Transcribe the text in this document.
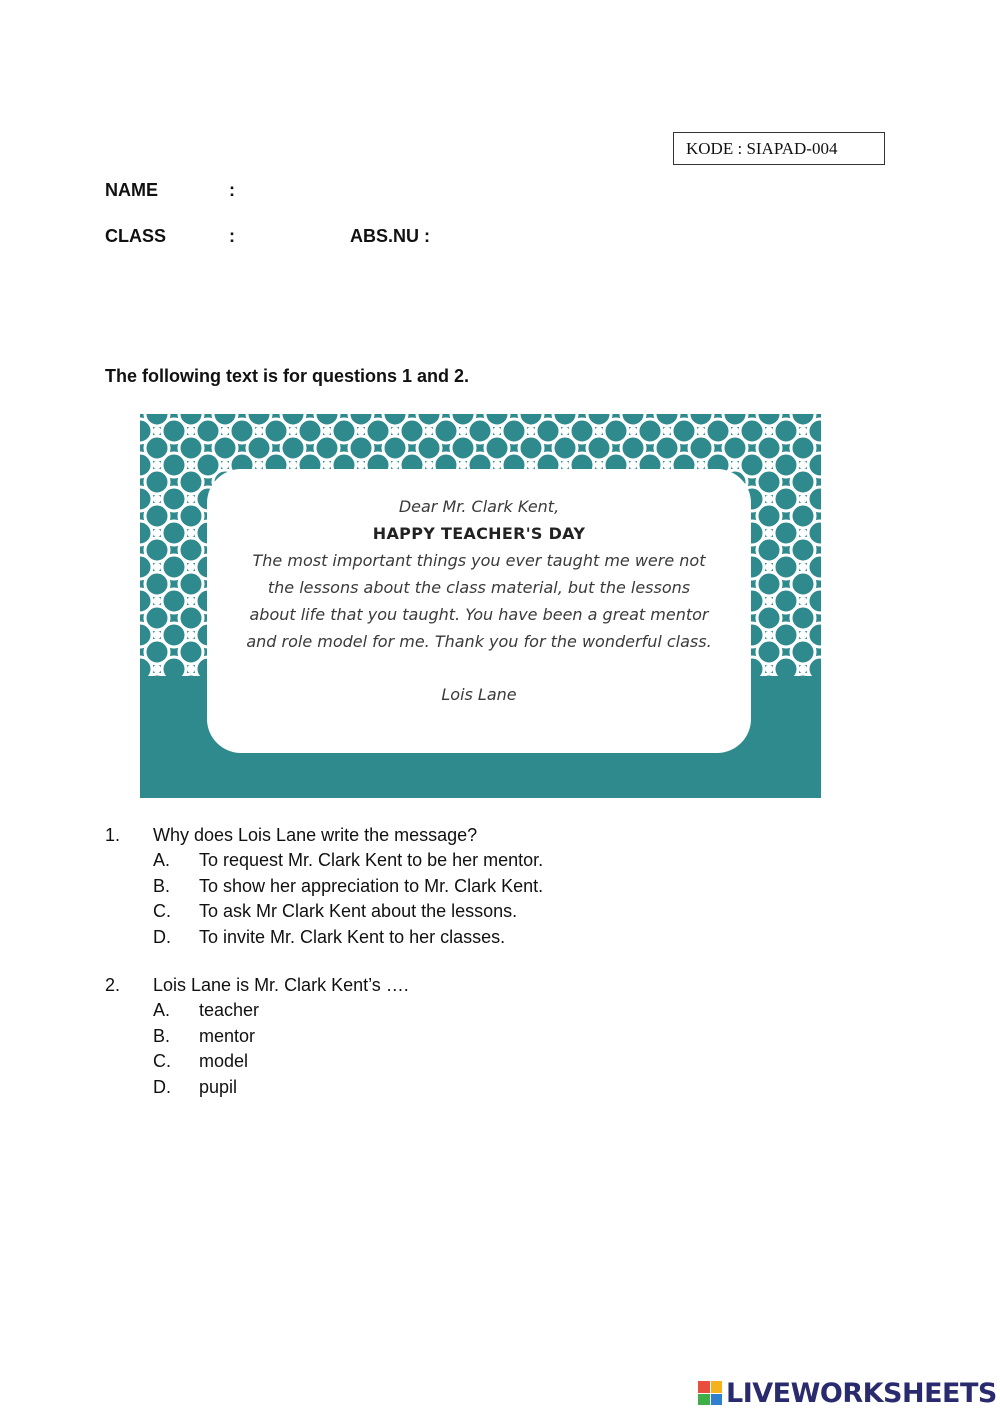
KODE : SIAPAD-004
NAME	:
CLASS	:	ABS.NU :
The following text is for questions 1 and 2.
Dear Mr. Clark Kent,
HAPPY TEACHER'S DAY
The most important things you ever taught me were not the lessons about the class material, but the lessons about life that you taught. You have been a great mentor and role model for me. Thank you for the wonderful class.
Lois Lane
1.	Why does Lois Lane write the message?
A.	To request Mr. Clark Kent to be her mentor.
B.	To show her appreciation to Mr. Clark Kent.
C.	To ask Mr Clark Kent about the lessons.
D.	To invite Mr. Clark Kent to her classes.
2.	Lois Lane is Mr. Clark Kent’s ….
A.	teacher
B.	mentor
C.	model
D.	pupil
LIVEWORKSHEETS
